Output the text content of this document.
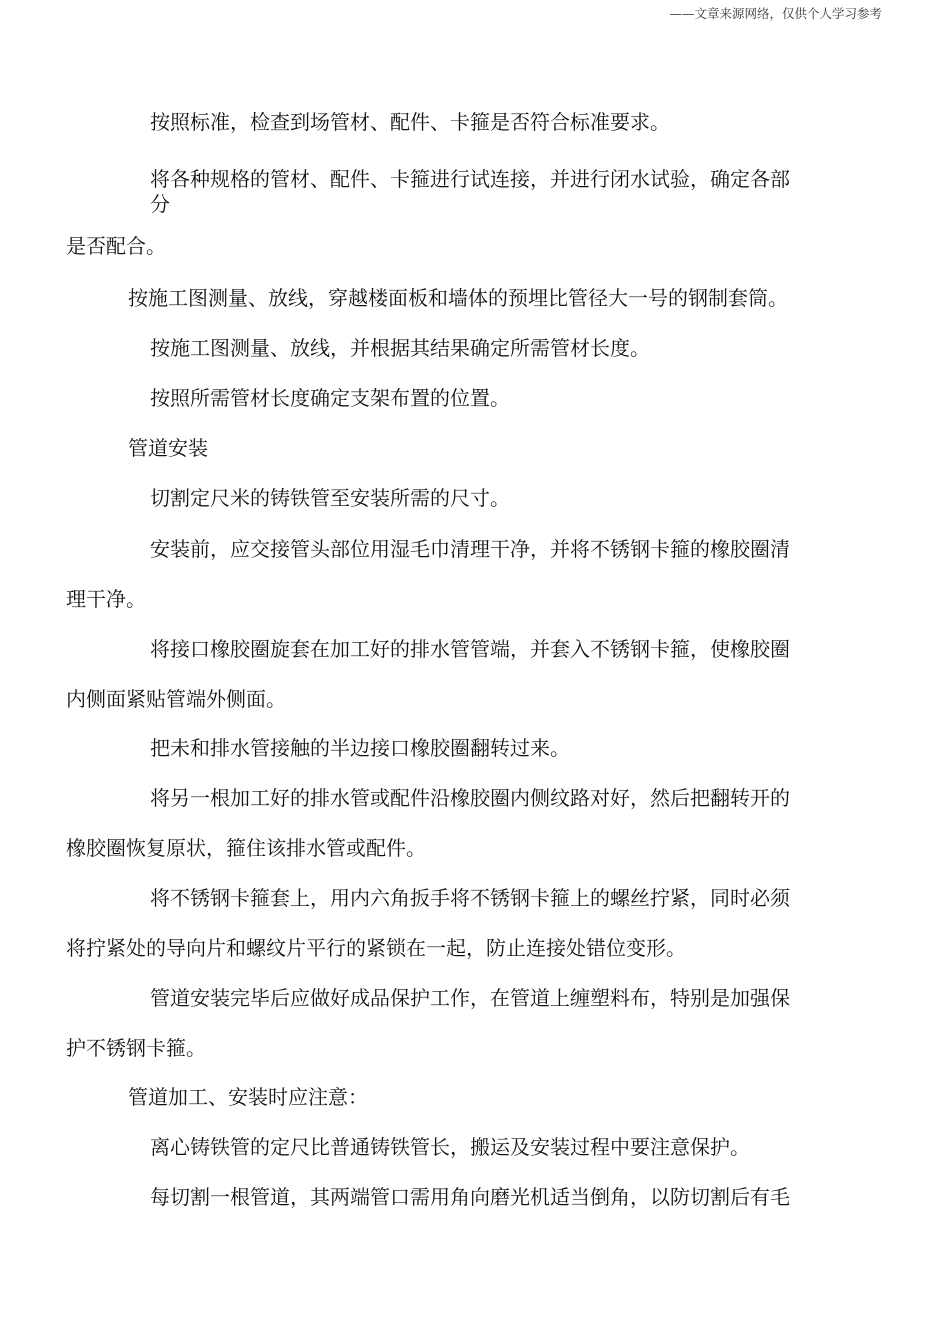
——文章来源网络，仅供个人学习参考
按照标准，检查到场管材、配件、卡箍是否符合标准要求。
将各种规格的管材、配件、卡箍进行试连接，并进行闭水试验，确定各部
分
是否配合。
按施工图测量、放线，穿越楼面板和墙体的预埋比管径大一号的钢制套筒。
按施工图测量、放线，并根据其结果确定所需管材长度。
按照所需管材长度确定支架布置的位置。
管道安装
切割定尺米的铸铁管至安装所需的尺寸。
安装前，应交接管头部位用湿毛巾清理干净，并将不锈钢卡箍的橡胶圈清
理干净。
将接口橡胶圈旋套在加工好的排水管管端，并套入不锈钢卡箍，使橡胶圈
内侧面紧贴管端外侧面。
把未和排水管接触的半边接口橡胶圈翻转过来。
将另一根加工好的排水管或配件沿橡胶圈内侧纹路对好，然后把翻转开的
橡胶圈恢复原状，箍住该排水管或配件。
将不锈钢卡箍套上，用内六角扳手将不锈钢卡箍上的螺丝拧紧，同时必须
将拧紧处的导向片和螺纹片平行的紧锁在一起，防止连接处错位变形。
管道安装完毕后应做好成品保护工作，在管道上缠塑料布，特别是加强保
护不锈钢卡箍。
管道加工、安装时应注意：
离心铸铁管的定尺比普通铸铁管长，搬运及安装过程中要注意保护。
每切割一根管道，其两端管口需用角向磨光机适当倒角，以防切割后有毛
